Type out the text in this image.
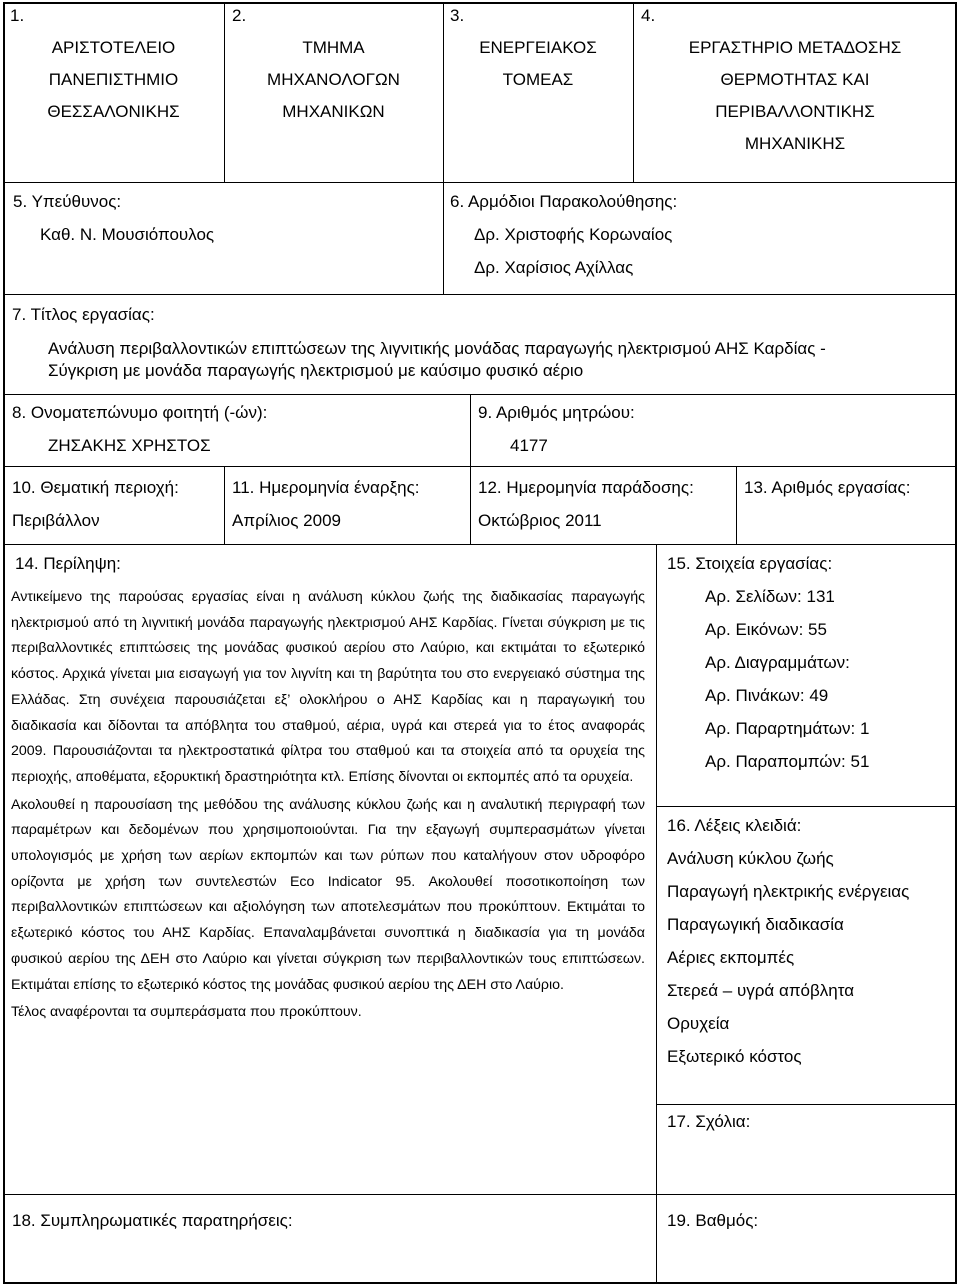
1.
ΑΡΙΣΤΟΤΕΛΕΙΟ
ΠΑΝΕΠΙΣΤΗΜΙΟ
ΘΕΣΣΑΛΟΝΙΚΗΣ
2.
ΤΜΗΜΑ
ΜΗΧΑΝΟΛΟΓΩΝ
ΜΗΧΑΝΙΚΩΝ
3.
ΕΝΕΡΓΕΙΑΚΟΣ
ΤΟΜΕΑΣ
4.
ΕΡΓΑΣΤΗΡΙΟ ΜΕΤΑΔΟΣΗΣ
ΘΕΡΜΟΤΗΤΑΣ ΚΑΙ
ΠΕΡΙΒΑΛΛΟΝΤΙΚΗΣ
ΜΗΧΑΝΙΚΗΣ
5. Υπεύθυνος:
Καθ. Ν. Μουσιόπουλος
6. Αρμόδιοι Παρακολούθησης:
Δρ. Χριστοφής Κορωναίος
Δρ. Χαρίσιος Αχίλλας
7. Τίτλος εργασίας:
Ανάλυση περιβαλλοντικών επιπτώσεων της λιγνιτικής μονάδας παραγωγής ηλεκτρισμού ΑΗΣ Καρδίας -
Σύγκριση με μονάδα παραγωγής ηλεκτρισμού με καύσιμο φυσικό αέριο
8. Ονοματεπώνυμο φοιτητή (-ών):
ΖΗΣΑΚΗΣ ΧΡΗΣΤΟΣ
9. Αριθμός μητρώου:
4177
10. Θεματική περιοχή:
Περιβάλλον
11. Ημερομηνία έναρξης:
Απρίλιος 2009
12. Ημερομηνία παράδοσης:
Οκτώβριος 2011
13. Αριθμός εργασίας:
14. Περίληψη:

Αντικείμενο της παρούσας εργασίας είναι η ανάλυση κύκλου ζωής της διαδικασίας παραγωγής ηλεκτρισμού από τη λιγνιτική μονάδα παραγωγής ηλεκτρισμού ΑΗΣ Καρδίας. Γίνεται σύγκριση με τις περιβαλλοντικές επιπτώσεις της μονάδας φυσικού αερίου στο Λαύριο, και εκτιμάται το εξωτερικό κόστος. Αρχικά γίνεται μια εισαγωγή για τον λιγνίτη και τη βαρύτητα του στο ενεργειακό σύστημα της Ελλάδας. Στη συνέχεια παρουσιάζεται εξ’ ολοκλήρου ο ΑΗΣ Καρδίας και η παραγωγική του διαδικασία και δίδονται τα απόβλητα του σταθμού, αέρια, υγρά και στερεά για το έτος αναφοράς 2009. Παρουσιάζονται τα ηλεκτροστατικά φίλτρα του σταθμού και τα στοιχεία από τα ορυχεία της περιοχής, αποθέματα, εξορυκτική δραστηριότητα κτλ. Επίσης δίνονται οι εκπομπές από τα ορυχεία.

Ακολουθεί η παρουσίαση της μεθόδου της ανάλυσης κύκλου ζωής και η αναλυτική περιγραφή των παραμέτρων και δεδομένων που χρησιμοποιούνται. Για την εξαγωγή συμπερασμάτων γίνεται υπολογισμός με χρήση των αερίων εκπομπών και των ρύπων που καταλήγουν στον υδροφόρο ορίζοντα με χρήση των συντελεστών Eco Indicator 95. Ακολουθεί ποσοτικοποίηση των περιβαλλοντικών επιπτώσεων και αξιολόγηση των αποτελεσμάτων που προκύπτουν. Εκτιμάται το εξωτερικό κόστος του ΑΗΣ Καρδίας. Επαναλαμβάνεται συνοπτικά η διαδικασία για τη μονάδα φυσικού αερίου της ΔΕΗ στο Λαύριο και γίνεται σύγκριση των περιβαλλοντικών τους επιπτώσεων. Εκτιμάται επίσης το εξωτερικό κόστος της μονάδας φυσικού αερίου της ΔΕΗ στο Λαύριο.

Τέλος αναφέρονται τα συμπεράσματα που προκύπτουν.

15. Στοιχεία εργασίας:
Αρ. Σελίδων: 131
Αρ. Εικόνων: 55
Αρ. Διαγραμμάτων:
Αρ. Πινάκων: 49
Αρ. Παραρτημάτων: 1
Αρ. Παραπομπών: 51
16. Λέξεις κλειδιά:
Ανάλυση κύκλου ζωής
Παραγωγή ηλεκτρικής ενέργειας
Παραγωγική διαδικασία
Αέριες εκπομπές
Στερεά – υγρά απόβλητα
Ορυχεία
Εξωτερικό κόστος
17. Σχόλια:
18. Συμπληρωματικές παρατηρήσεις:	19. Βαθμός:
